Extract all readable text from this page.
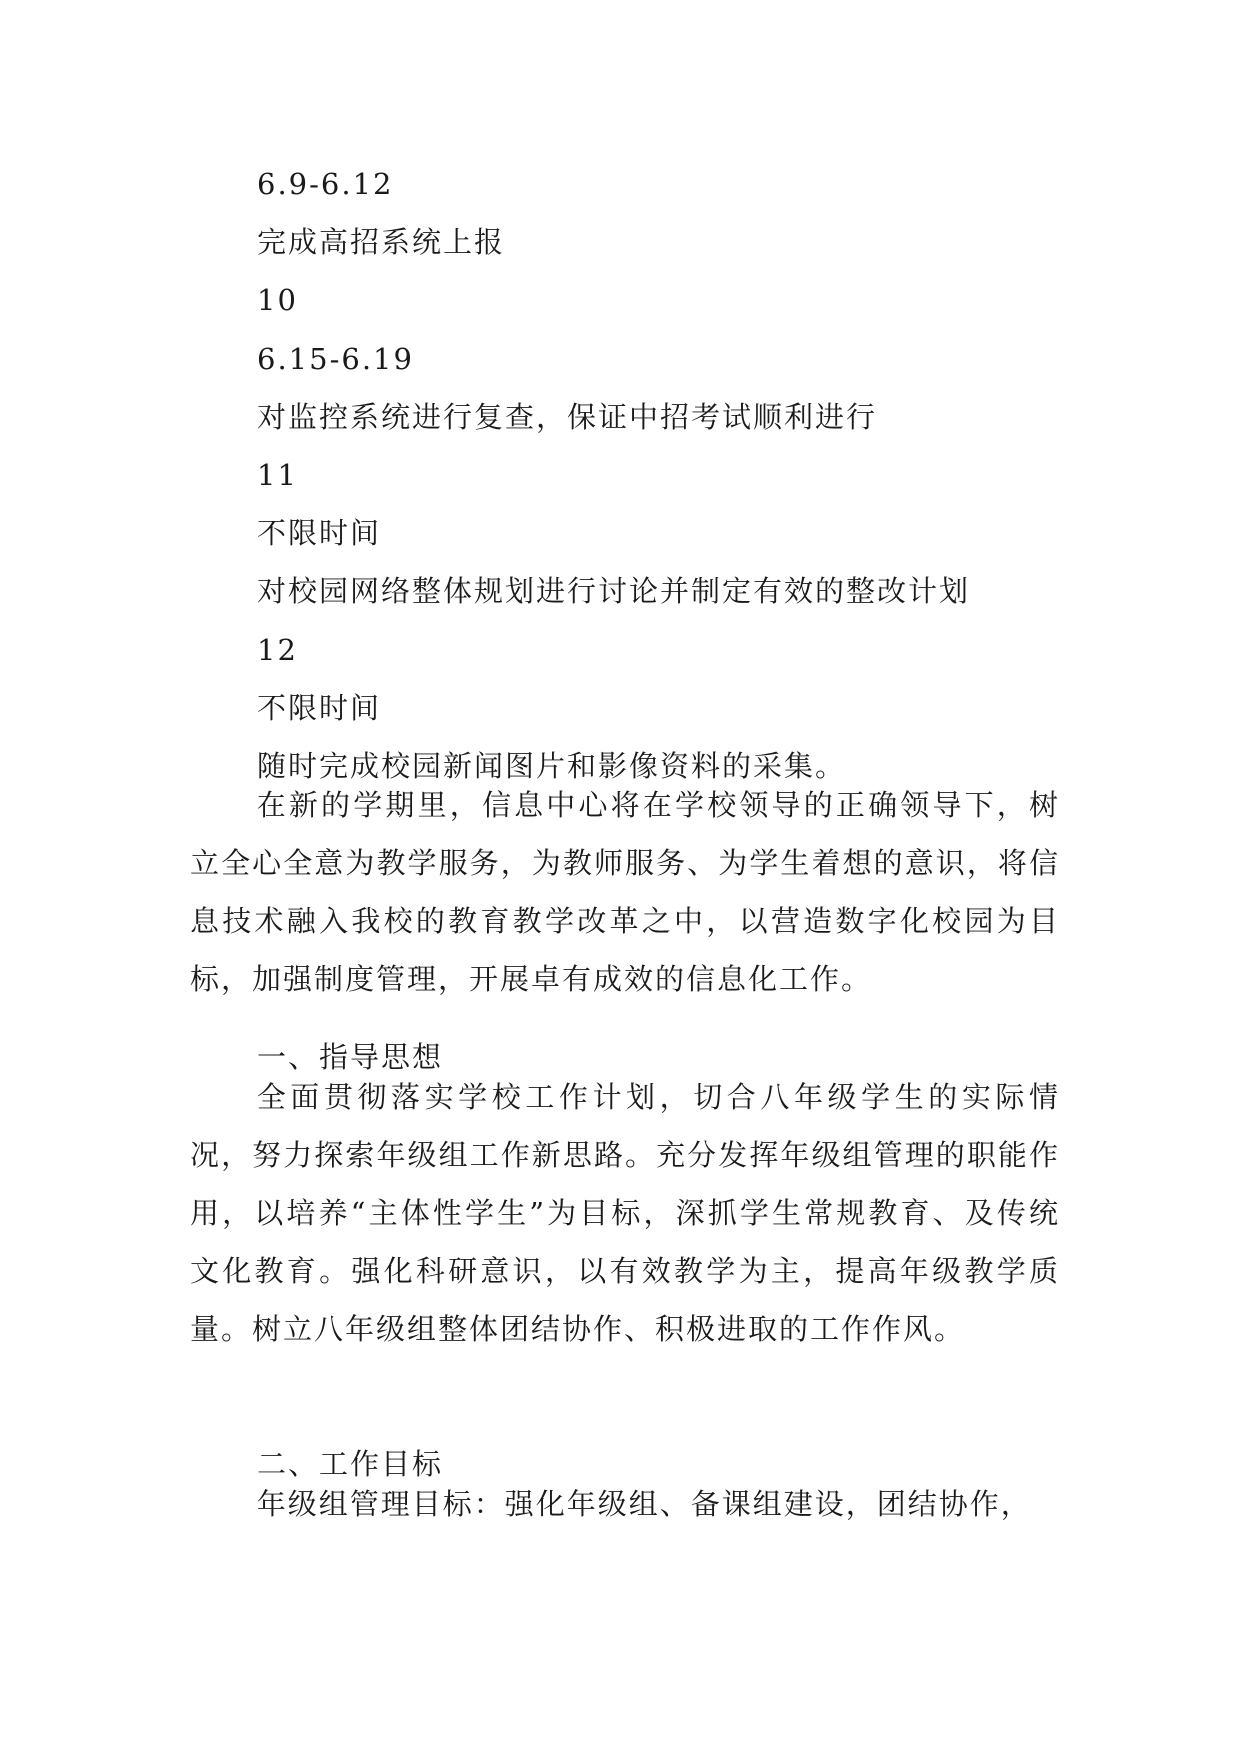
6.9-6.12
完成高招系统上报
10
6.15-6.19
对监控系统进行复查，保证中招考试顺利进行
11
不限时间
对校园网络整体规划进行讨论并制定有效的整改计划
12
不限时间
随时完成校园新闻图片和影像资料的采集。

在新的学期里，信息中心将在学校领导的正确领导下，树立全心全意为教学服务，为教师服务、为学生着想的意识，将信息技术融入我校的教育教学改革之中，以营造数字化校园为目标，加强制度管理，开展卓有成效的信息化工作。

一、指导思想

全面贯彻落实学校工作计划，切合八年级学生的实际情况，努力探索年级组工作新思路。充分发挥年级组管理的职能作用，以培养“主体性学生”为目标，深抓学生常规教育、及传统文化教育。强化科研意识，以有效教学为主，提高年级教学质量。树立八年级组整体团结协作、积极进取的工作作风。

二、工作目标

年级组管理目标：强化年级组、备课组建设，团结协作，
